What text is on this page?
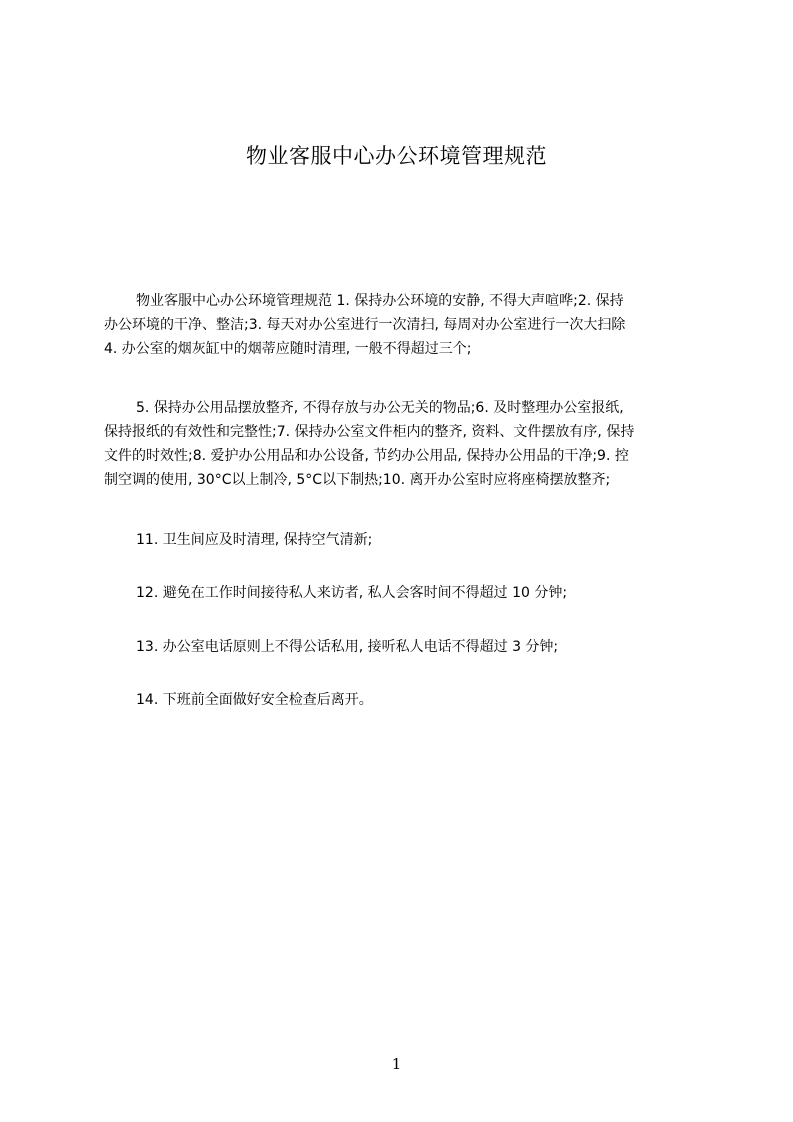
物业客服中心办公环境管理规范
物业客服中心办公环境管理规范 1. 保持办公环境的安静, 不得大声喧哗;2. 保持
办公环境的干净、整洁;3. 每天对办公室进行一次清扫, 每周对办公室进行一次大扫除
4. 办公室的烟灰缸中的烟蒂应随时清理, 一般不得超过三个;
5. 保持办公用品摆放整齐, 不得存放与办公无关的物品;6. 及时整理办公室报纸,
保持报纸的有效性和完整性;7. 保持办公室文件柜内的整齐, 资料、文件摆放有序, 保持
文件的时效性;8. 爱护办公用品和办公设备, 节约办公用品, 保持办公用品的干净;9. 控
制空调的使用, 30°C以上制冷, 5°C以下制热;10. 离开办公室时应将座椅摆放整齐;
11. 卫生间应及时清理, 保持空气清新;
12. 避免在工作时间接待私人来访者, 私人会客时间不得超过 10 分钟;
13. 办公室电话原则上不得公话私用, 接听私人电话不得超过 3 分钟;
14. 下班前全面做好安全检查后离开。
1
